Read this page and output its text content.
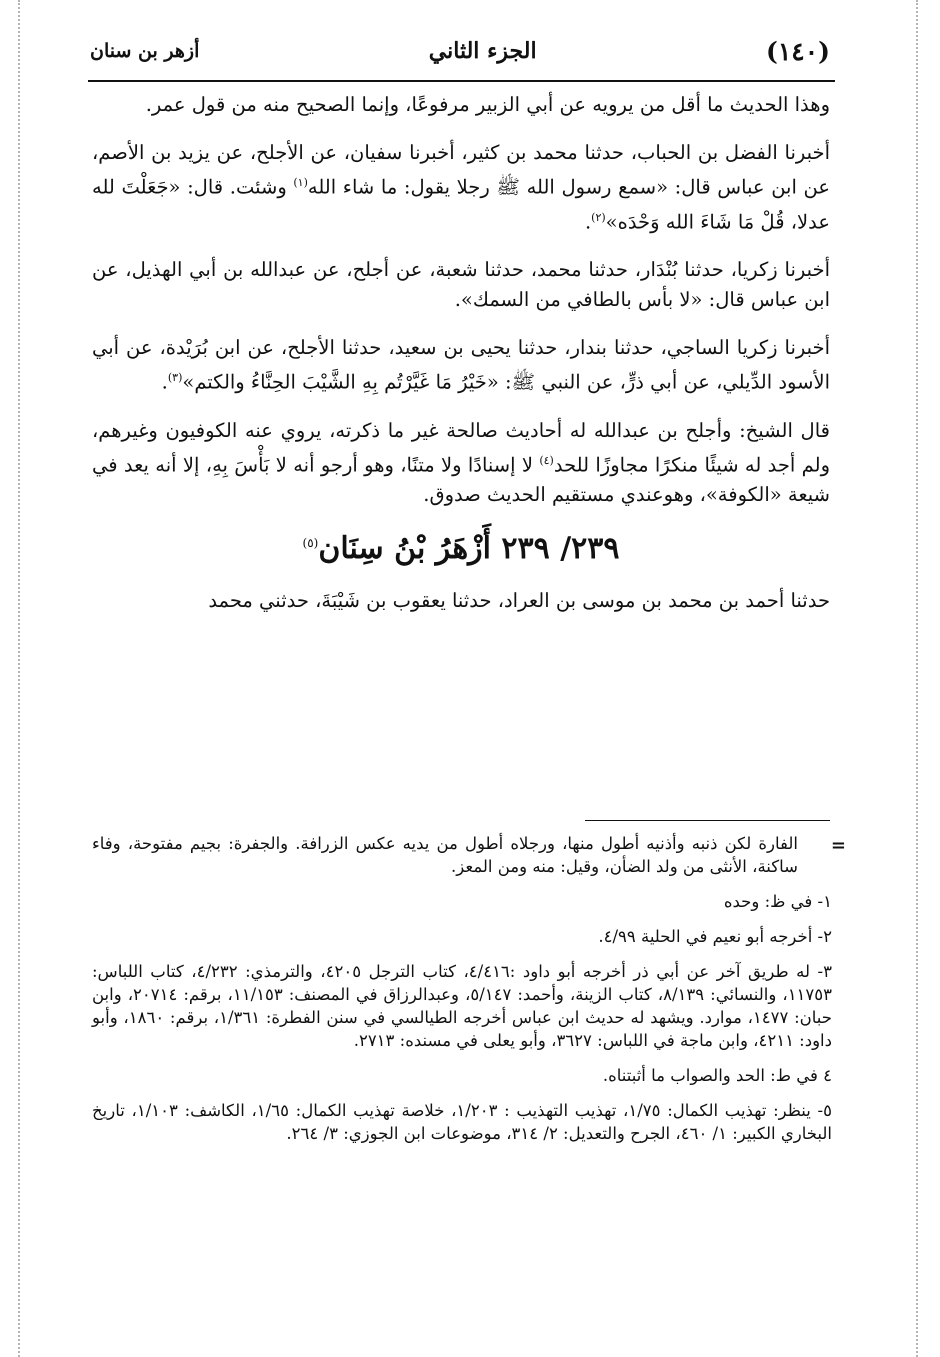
(١٤٠)
الجزء الثاني
أزهر بن سنان

وهذا الحديث ما أقل من يرويه عن أبي الزبير مرفوعًا، وإنما الصحيح منه من قول عمر.

أخبرنا الفضل بن الحباب، حدثنا محمد بن كثير، أخبرنا سفيان، عن الأجلح، عن يزيد بن الأصم، عن ابن عباس قال: «سمع رسول الله ﷺ رجلا يقول: ما شاء الله$^{(١)}$ وشئت. قال: «جَعَلْتَ لله عدلا، قُلْ مَا شَاءَ الله وَحْدَه»$^{(٢)}$.

أخبرنا زكريا، حدثنا بُنْدَار، حدثنا محمد، حدثنا شعبة، عن أجلح، عن عبدالله بن أبي الهذيل، عن ابن عباس قال: «لا بأس بالطافي من السمك».

أخبرنا زكريا الساجي، حدثنا بندار، حدثنا يحيى بن سعيد، حدثنا الأجلح، عن ابن بُرَيْدة، عن أبي الأسود الدِّيلي، عن أبي ذرٍّ، عن النبي ﷺ: «خَيْرُ مَا غَيَّرْتُم بِهِ الشَّيْبَ الحِنَّاءُ والكتم»$^{(٣)}$.

قال الشيخ: وأجلح بن عبدالله له أحاديث صالحة غير ما ذكرته، يروي عنه الكوفيون وغيرهم، ولم أجد له شيئًا منكرًا مجاوزًا للحد$^{(٤)}$ لا إسنادًا ولا متنًا، وهو أرجو أنه لا بَأْسَ بِهِ، إلا أنه يعد في شيعة «الكوفة»، وهوعندي مستقيم الحديث صدوق.

٢٣٩/ ٢٣٩ أَزْهَرُ بْنُ سِنَان$^{(٥)}$

حدثنا أحمد بن محمد بن موسى بن العراد، حدثنا يعقوب بن شَيْبَةَ، حدثني محمد

= الفارة لكن ذنبه وأذنيه أطول منها، ورجلاه أطول من يديه عكس الزرافة. والجفرة: بجيم مفتوحة، وفاء ساكنة، الأنثى من ولد الضأن، وقيل: منه ومن المعز.
١- في ظ: وحده
٢- أخرجه أبو نعيم في الحلية ٤/٩٩.
٣- له طريق آخر عن أبي ذر أخرجه أبو داود :٤/٤١٦، كتاب الترجل ٤٢٠٥، والترمذي: ٤/٢٣٢، كتاب اللباس: ١١٧٥٣، والنسائي: ٨/١٣٩، كتاب الزينة، وأحمد: ٥/١٤٧، وعبدالرزاق في المصنف: ١١/١٥٣، برقم: ٢٠٧١٤، وابن حبان: ١٤٧٧، موارد. ويشهد له حديث ابن عباس أخرجه الطيالسي في سنن الفطرة: ١/٣٦١، برقم: ١٨٦٠، وأبو داود: ٤٢١١، وابن ماجة في اللباس: ٣٦٢٧، وأبو يعلى في مسنده: ٢٧١٣.
٤ في ط: الحد والصواب ما أثبتناه.
٥- ينظر: تهذيب الكمال: ١/٧٥، تهذيب التهذيب : ١/٢٠٣، خلاصة تهذيب الكمال: ١/٦٥، الكاشف: ١/١٠٣، تاريخ البخاري الكبير: ١/ ٤٦٠، الجرح والتعديل: ٢/ ٣١٤، موضوعات ابن الجوزي: ٣/ ٢٦٤.
